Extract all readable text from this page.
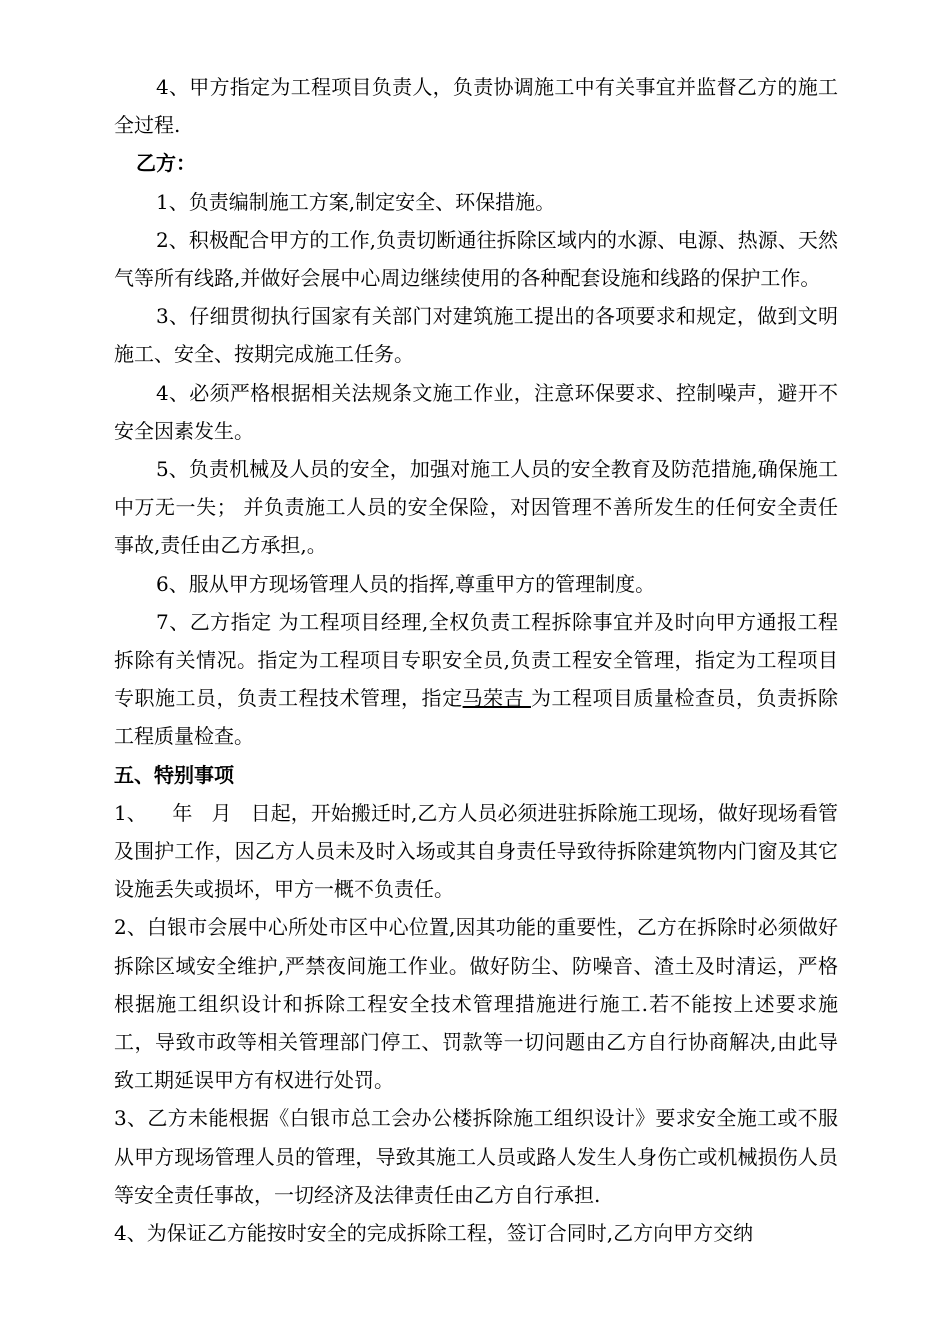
4、甲方指定为工程项目负责人，负责协调施工中有关事宜并监督乙方的施工全过程.

乙方：

1、负责编制施工方案,制定安全、环保措施。

2、积极配合甲方的工作,负责切断通往拆除区域内的水源、电源、热源、天然气等所有线路,并做好会展中心周边继续使用的各种配套设施和线路的保护工作。

3、仔细贯彻执行国家有关部门对建筑施工提出的各项要求和规定，做到文明施工、安全、按期完成施工任务。

4、必须严格根据相关法规条文施工作业，注意环保要求、控制噪声，避开不安全因素发生。

5、负责机械及人员的安全，加强对施工人员的安全教育及防范措施,确保施工中万无一失； 并负责施工人员的安全保险，对因管理不善所发生的任何安全责任事故,责任由乙方承担,。

6、服从甲方现场管理人员的指挥,尊重甲方的管理制度。

7、乙方指定 为工程项目经理,全权负责工程拆除事宜并及时向甲方通报工程拆除有关情况。指定为工程项目专职安全员,负责工程安全管理，指定为工程项目专职施工员，负责工程技术管理，指定马荣吉 为工程项目质量检查员，负责拆除工程质量检查。

五、特别事项

1、    年   月   日起，开始搬迁时,乙方人员必须进驻拆除施工现场，做好现场看管及围护工作，因乙方人员未及时入场或其自身责任导致待拆除建筑物内门窗及其它设施丢失或损坏，甲方一概不负责任。

2、白银市会展中心所处市区中心位置,因其功能的重要性，乙方在拆除时必须做好拆除区域安全维护,严禁夜间施工作业。做好防尘、防噪音、渣土及时清运，严格根据施工组织设计和拆除工程安全技术管理措施进行施工.若不能按上述要求施工，导致市政等相关管理部门停工、罚款等一切问题由乙方自行协商解决,由此导致工期延误甲方有权进行处罚。

3、乙方未能根据《白银市总工会办公楼拆除施工组织设计》要求安全施工或不服从甲方现场管理人员的管理，导致其施工人员或路人发生人身伤亡或机械损伤人员等安全责任事故，一切经济及法律责任由乙方自行承担.

4、为保证乙方能按时安全的完成拆除工程，签订合同时,乙方向甲方交纳
